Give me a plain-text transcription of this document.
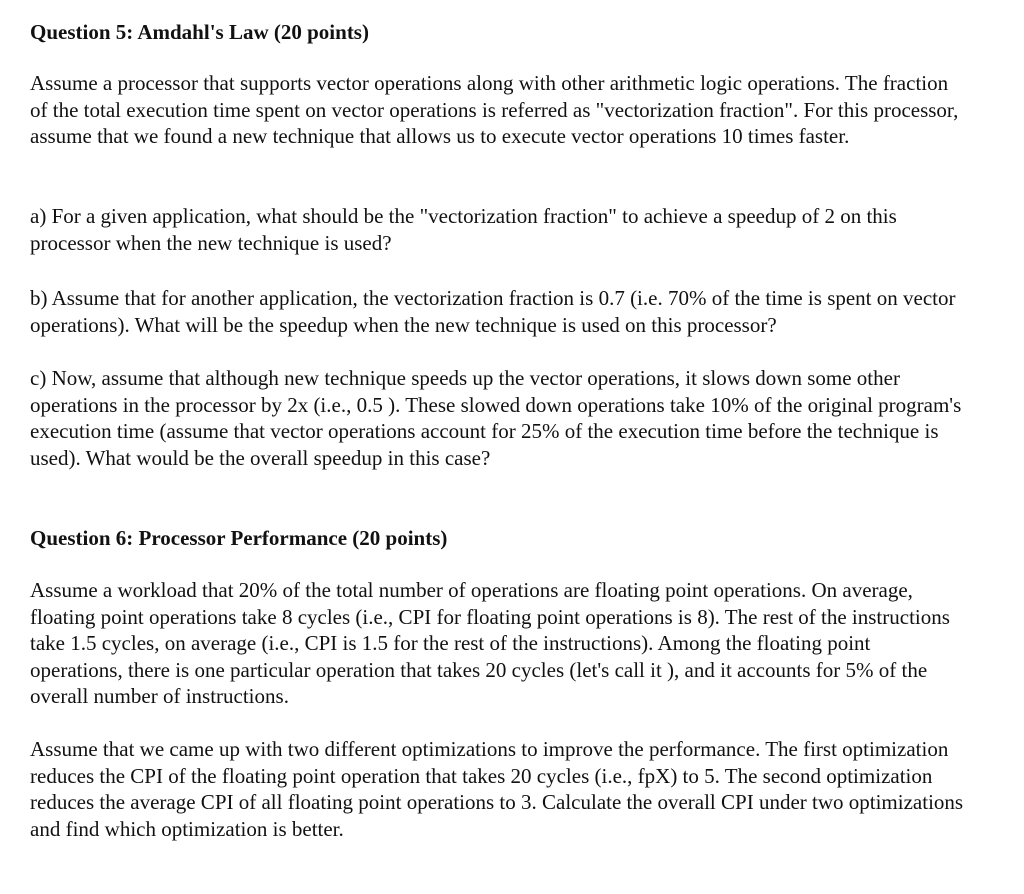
Question 5: Amdahl's Law (20 points)

Assume a processor that supports vector operations along with other arithmetic logic operations. The fraction of the total execution time spent on vector operations is referred as "vectorization fraction". For this processor, assume that we found a new technique that allows us to execute vector operations 10 times faster.

a) For a given application, what should be the "vectorization fraction" to achieve a speedup of 2 on this processor when the new technique is used?

b) Assume that for another application, the vectorization fraction is 0.7 (i.e. 70% of the time is spent on vector operations). What will be the speedup when the new technique is used on this processor?

c) Now, assume that although new technique speeds up the vector operations, it slows down some other operations in the processor by 2x (i.e., 0.5 ). These slowed down operations take 10% of the original program's execution time (assume that vector operations account for 25% of the execution time before the technique is used). What would be the overall speedup in this case?

Question 6: Processor Performance (20 points)

Assume a workload that 20% of the total number of operations are floating point operations. On average, floating point operations take 8 cycles (i.e., CPI for floating point operations is 8). The rest of the instructions take 1.5 cycles, on average (i.e., CPI is 1.5 for the rest of the instructions). Among the floating point operations, there is one particular operation that takes 20 cycles (let's call it ), and it accounts for 5% of the overall number of instructions.

Assume that we came up with two different optimizations to improve the performance. The first optimization reduces the CPI of the floating point operation that takes 20 cycles (i.e., fpX) to 5. The second optimization reduces the average CPI of all floating point operations to 3. Calculate the overall CPI under two optimizations and find which optimization is better.
